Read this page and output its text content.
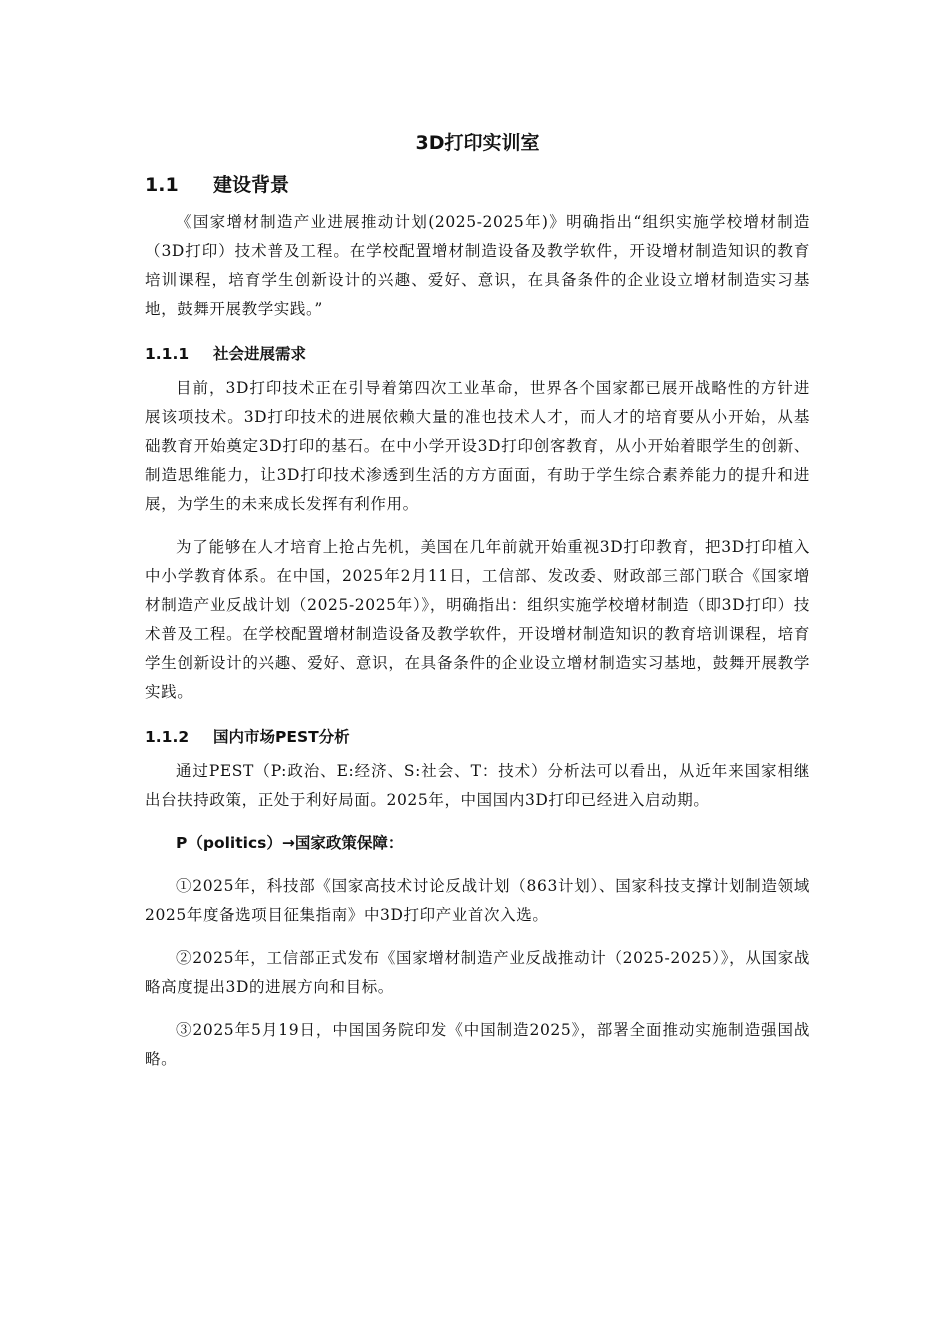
3D打印实训室
1.1	建设背景

《国家增材制造产业进展推动计划(2025-2025年)》明确指出“组织实施学校增材制造（3D打印）技术普及工程。在学校配置增材制造设备及教学软件，开设增材制造知识的教育培训课程，培育学生创新设计的兴趣、爱好、意识，在具备条件的企业设立增材制造实习基地，鼓舞开展教学实践。”

1.1.1	社会进展需求

目前，3D打印技术正在引导着第四次工业革命，世界各个国家都已展开战略性的方针进展该项技术。3D打印技术的进展依赖大量的准也技术人才，而人才的培育要从小开始，从基础教育开始奠定3D打印的基石。在中小学开设3D打印创客教育，从小开始着眼学生的创新、制造思维能力，让3D打印技术渗透到生活的方方面面，有助于学生综合素养能力的提升和进展，为学生的未来成长发挥有利作用。

为了能够在人才培育上抢占先机，美国在几年前就开始重视3D打印教育，把3D打印植入中小学教育体系。在中国，2025年2月11日，工信部、发改委、财政部三部门联合《国家增材制造产业反战计划（2025-2025年）》，明确指出：组织实施学校增材制造（即3D打印）技术普及工程。在学校配置增材制造设备及教学软件，开设增材制造知识的教育培训课程，培育学生创新设计的兴趣、爱好、意识，在具备条件的企业设立增材制造实习基地，鼓舞开展教学实践。

1.1.2	国内市场PEST分析

通过PEST（P:政治、E:经济、S:社会、T：技术）分析法可以看出，从近年来国家相继出台扶持政策，正处于利好局面。2025年，中国国内3D打印已经进入启动期。

P（politics）→国家政策保障：

①2025年，科技部《国家高技术讨论反战计划（863计划）、国家科技支撑计划制造领域2025年度备选项目征集指南》中3D打印产业首次入选。

②2025年，工信部正式发布《国家增材制造产业反战推动计（2025-2025）》，从国家战略高度提出3D的进展方向和目标。

③2025年5月19日，中国国务院印发《中国制造2025》，部署全面推动实施制造强国战略。
